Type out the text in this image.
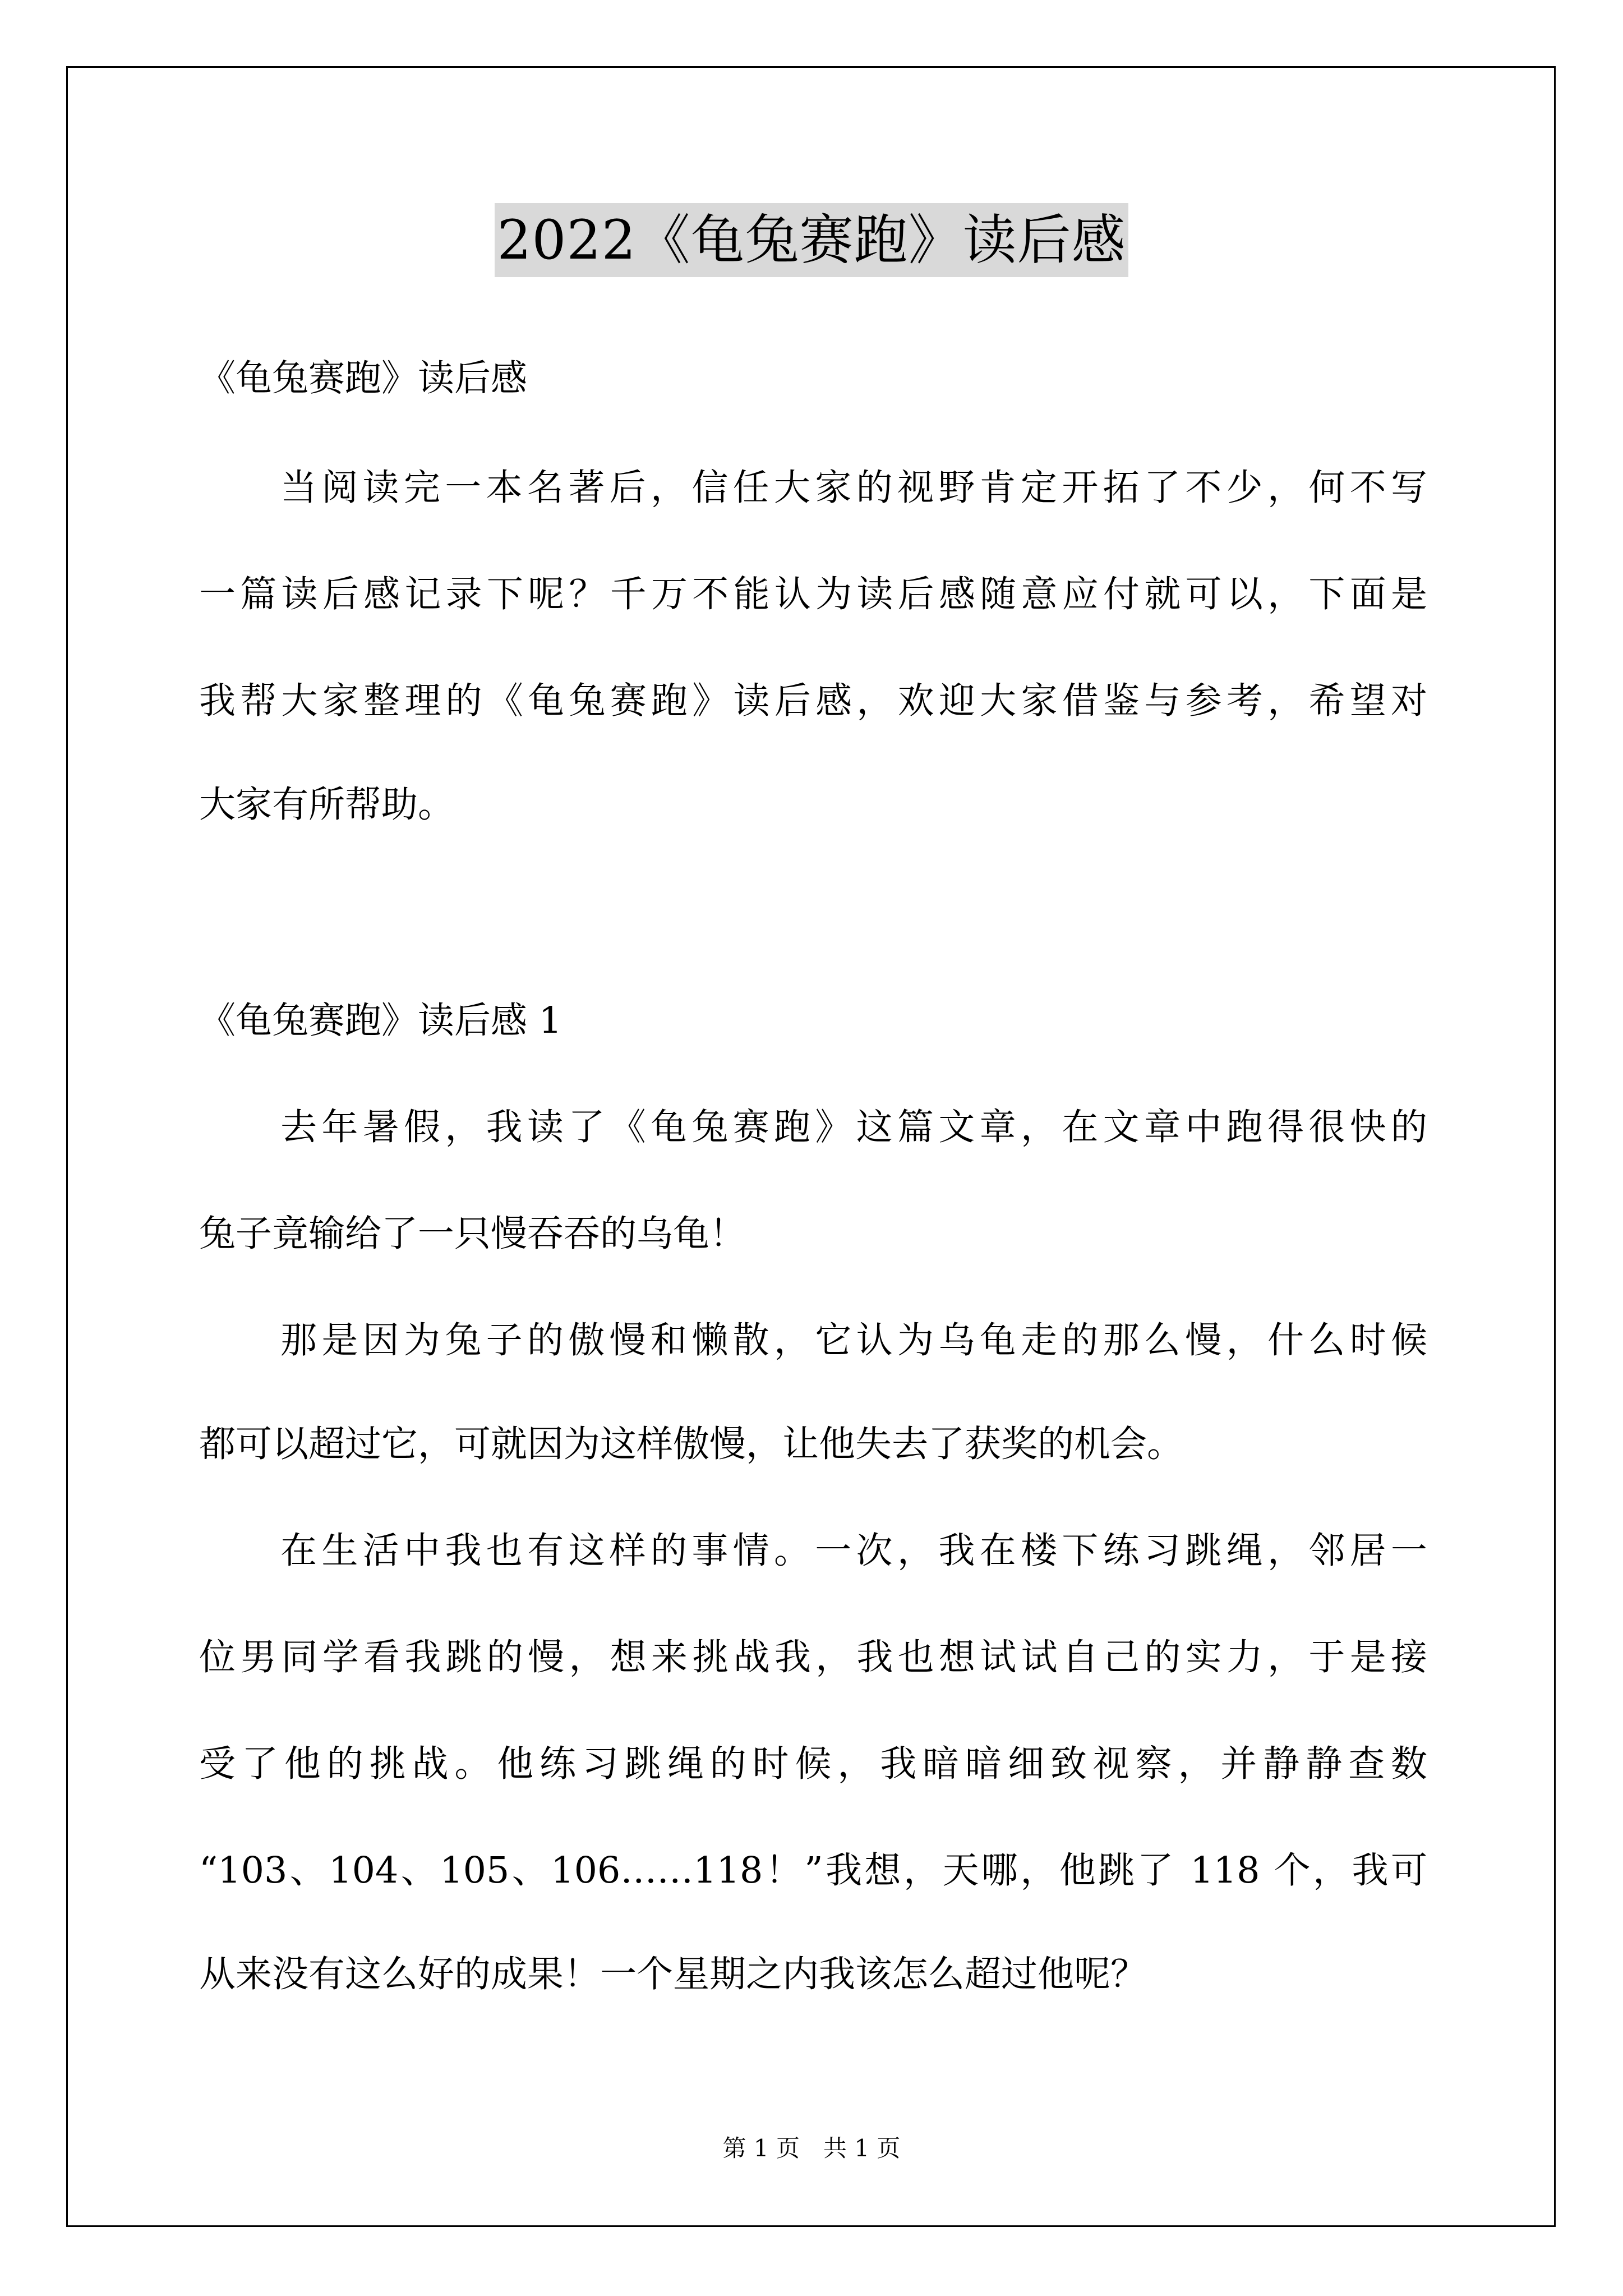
2022《龟兔赛跑》读后感
《龟兔赛跑》读后感
当阅读完一本名著后，信任大家的视野肯定开拓了不少，何不写
一篇读后感记录下呢？千万不能认为读后感随意应付就可以，下面是
我帮大家整理的《龟兔赛跑》读后感，欢迎大家借鉴与参考，希望对
大家有所帮助。
《龟兔赛跑》读后感 1
去年暑假，我读了《龟兔赛跑》这篇文章，在文章中跑得很快的
兔子竟输给了一只慢吞吞的乌龟！
那是因为兔子的傲慢和懒散，它认为乌龟走的那么慢，什么时候
都可以超过它，可就因为这样傲慢，让他失去了获奖的机会。
在生活中我也有这样的事情。一次，我在楼下练习跳绳，邻居一
位男同学看我跳的慢，想来挑战我，我也想试试自己的实力，于是接
受了他的挑战。他练习跳绳的时候，我暗暗细致视察，并静静查数
“103、104、105、106……118！”我想，天哪，他跳了 118 个，我可
从来没有这么好的成果！一个星期之内我该怎么超过他呢？
第 1 页　共 1 页
